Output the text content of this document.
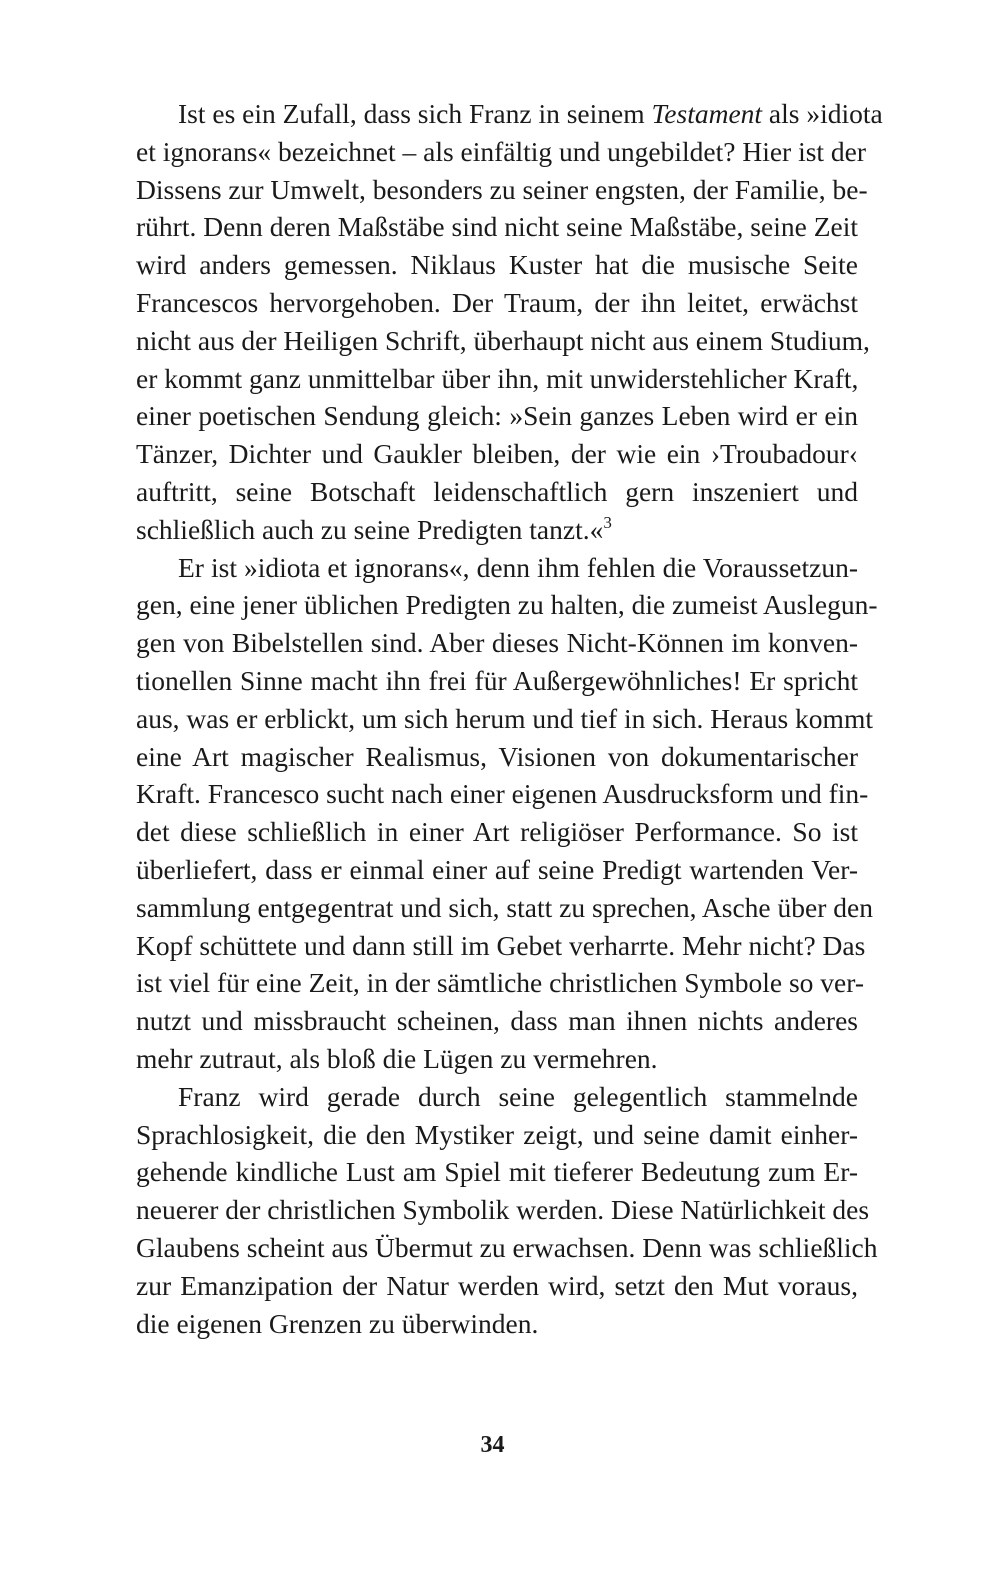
Ist es ein Zufall, dass sich Franz in seinem Testament als »idiota
et ignorans« bezeichnet – als einfältig und ungebildet? Hier ist der
Dissens zur Umwelt, besonders zu seiner engsten, der Familie, be-
rührt. Denn deren Maßstäbe sind nicht seine Maßstäbe, seine Zeit
wird anders gemessen. Niklaus Kuster hat die musische Seite
Francescos hervorgehoben. Der Traum, der ihn leitet, erwächst
nicht aus der Heiligen Schrift, überhaupt nicht aus einem Studium,
er kommt ganz unmittelbar über ihn, mit unwiderstehlicher Kraft,
einer poetischen Sendung gleich: »Sein ganzes Leben wird er ein
Tänzer, Dichter und Gaukler bleiben, der wie ein ›Troubadour‹
auftritt, seine Botschaft leidenschaftlich gern inszeniert und
schließlich auch zu seine Predigten tanzt.«$^3$
Er ist »idiota et ignorans«, denn ihm fehlen die Voraussetzun-
gen, eine jener üblichen Predigten zu halten, die zumeist Auslegun-
gen von Bibelstellen sind. Aber dieses Nicht-Können im konven-
tionellen Sinne macht ihn frei für Außergewöhnliches! Er spricht
aus, was er erblickt, um sich herum und tief in sich. Heraus kommt
eine Art magischer Realismus, Visionen von dokumentarischer
Kraft. Francesco sucht nach einer eigenen Ausdrucksform und fin-
det diese schließlich in einer Art religiöser Performance. So ist
überliefert, dass er einmal einer auf seine Predigt wartenden Ver-
sammlung entgegentrat und sich, statt zu sprechen, Asche über den
Kopf schüttete und dann still im Gebet verharrte. Mehr nicht? Das
ist viel für eine Zeit, in der sämtliche christlichen Symbole so ver-
nutzt und missbraucht scheinen, dass man ihnen nichts anderes
mehr zutraut, als bloß die Lügen zu vermehren.
Franz wird gerade durch seine gelegentlich stammelnde
Sprachlosigkeit, die den Mystiker zeigt, und seine damit einher-
gehende kindliche Lust am Spiel mit tieferer Bedeutung zum Er-
neuerer der christlichen Symbolik werden. Diese Natürlichkeit des
Glaubens scheint aus Übermut zu erwachsen. Denn was schließlich
zur Emanzipation der Natur werden wird, setzt den Mut voraus,
die eigenen Grenzen zu überwinden.
34
